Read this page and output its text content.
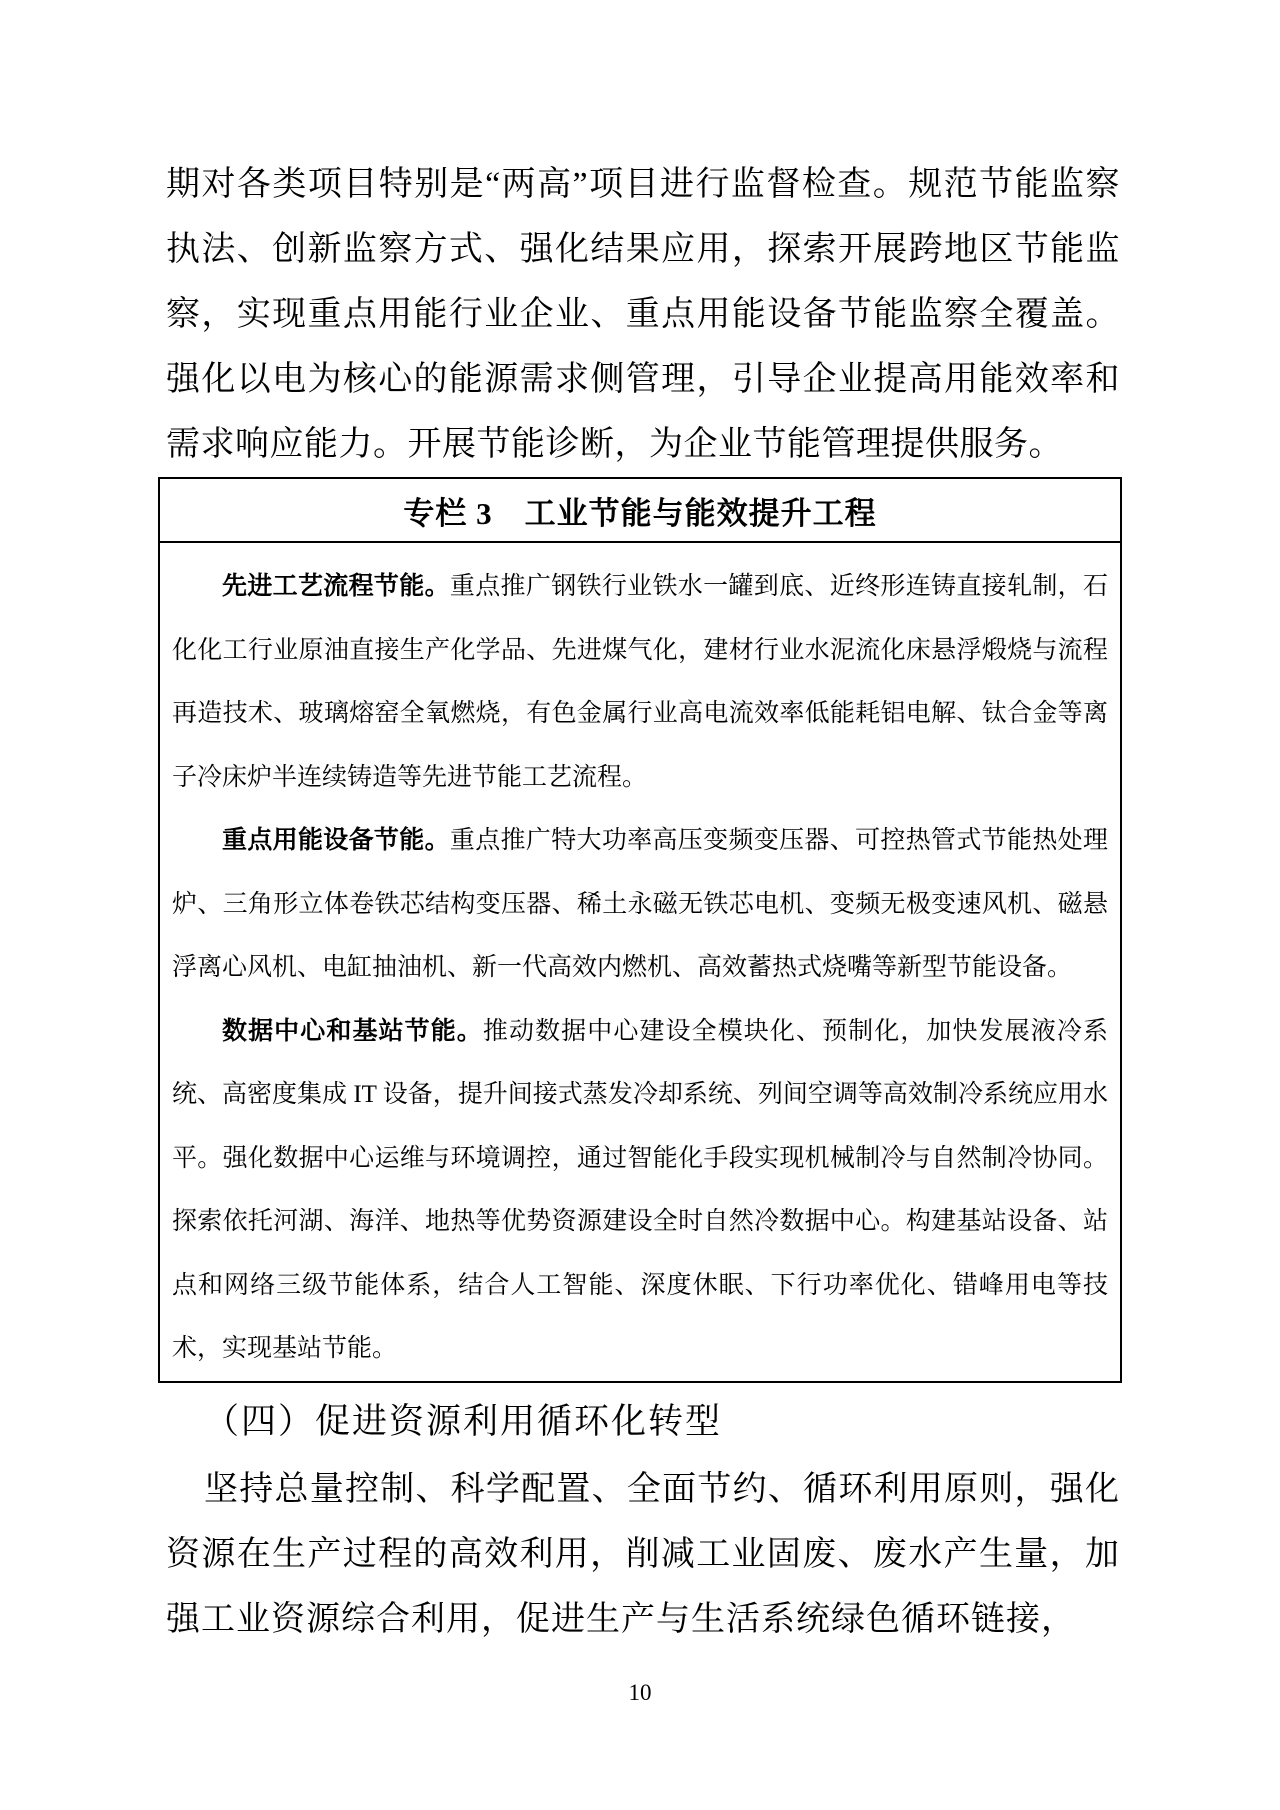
期对各类项目特别是“两高”项目进行监督检查。规范节能监察执法、创新监察方式、强化结果应用，探索开展跨地区节能监察，实现重点用能行业企业、重点用能设备节能监察全覆盖。强化以电为核心的能源需求侧管理，引导企业提高用能效率和需求响应能力。开展节能诊断，为企业节能管理提供服务。
专栏 3　工业节能与能效提升工程

先进工艺流程节能。重点推广钢铁行业铁水一罐到底、近终形连铸直接轧制，石化化工行业原油直接生产化学品、先进煤气化，建材行业水泥流化床悬浮煅烧与流程再造技术、玻璃熔窑全氧燃烧，有色金属行业高电流效率低能耗铝电解、钛合金等离子冷床炉半连续铸造等先进节能工艺流程。

重点用能设备节能。重点推广特大功率高压变频变压器、可控热管式节能热处理炉、三角形立体卷铁芯结构变压器、稀土永磁无铁芯电机、变频无极变速风机、磁悬浮离心风机、电缸抽油机、新一代高效内燃机、高效蓄热式烧嘴等新型节能设备。

数据中心和基站节能。推动数据中心建设全模块化、预制化，加快发展液冷系统、高密度集成 IT 设备，提升间接式蒸发冷却系统、列间空调等高效制冷系统应用水平。强化数据中心运维与环境调控，通过智能化手段实现机械制冷与自然制冷协同。探索依托河湖、海洋、地热等优势资源建设全时自然冷数据中心。构建基站设备、站点和网络三级节能体系，结合人工智能、深度休眠、下行功率优化、错峰用电等技术，实现基站节能。

（四）促进资源利用循环化转型
坚持总量控制、科学配置、全面节约、循环利用原则，强化资源在生产过程的高效利用，削减工业固废、废水产生量，加强工业资源综合利用，促进生产与生活系统绿色循环链接，
10
